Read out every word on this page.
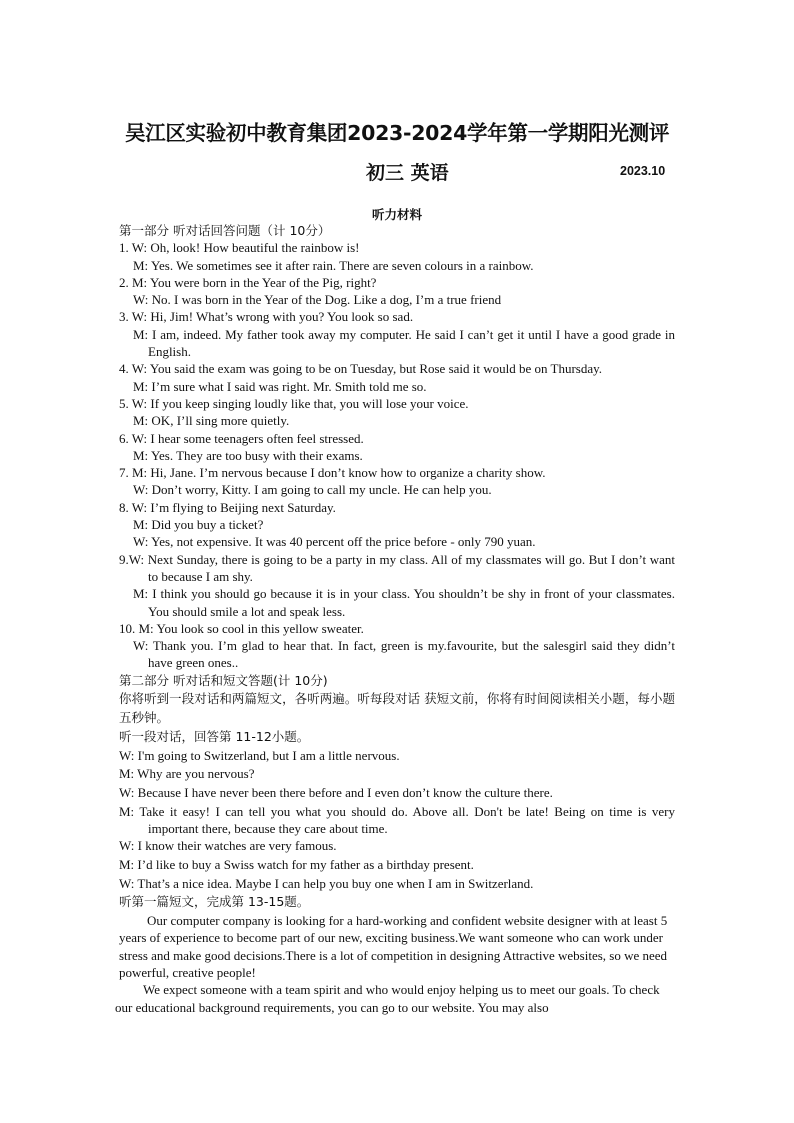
吴江区实验初中教育集团2023-2024学年第一学期阳光测评
初三 英语	2023.10
听力材料
第一部分 听对话回答问题（计 10分）
1. W: Oh, look! How beautiful the rainbow is!
M: Yes. We sometimes see it after rain. There are seven colours in a rainbow.
2. M: You were born in the Year of the Pig, right?
W: No. I was born in the Year of the Dog. Like a dog, I’m a true friend
3. W: Hi, Jim! What’s wrong with you? You look so sad.
M: I am, indeed. My father took away my computer. He said I can’t get it until I have a good grade in English.
4. W: You said the exam was going to be on Tuesday, but Rose said it would be on Thursday.
M: I’m sure what I said was right. Mr. Smith told me so.
5. W: If you keep singing loudly like that, you will lose your voice.
M: OK, I’ll sing more quietly.
6. W: I hear some teenagers often feel stressed.
M: Yes. They are too busy with their exams.
7. M: Hi, Jane. I’m nervous because I don’t know how to organize a charity show.
W: Don’t worry, Kitty. I am going to call my uncle. He can help you.
8. W: I’m flying to Beijing next Saturday.
M: Did you buy a ticket?
W: Yes, not expensive. It was 40 percent off the price before - only 790 yuan.
9.W: Next Sunday, there is going to be a party in my class. All of my classmates will go. But I don’t want to because I am shy.
M: I think you should go because it is in your class. You shouldn’t be shy in front of your classmates. You should smile a lot and speak less.
10. M: You look so cool in this yellow sweater.
W: Thank you. I’m glad to hear that. In fact, green is my.favourite, but the salesgirl said they didn’t have green ones..
第二部分 听对话和短文答题(计 10分)
你将听到一段对话和两篇短文，各听两遍。听每段对话 获短文前，你将有时间阅读相关小题，每小题五秒钟。
听一段对话，回答第 11-12小题。
W: I'm going to Switzerland, but I am a little nervous.
M: Why are you nervous?
W: Because I have never been there before and I even don’t know the culture there.
M: Take it easy! I can tell you what you should do. Above all. Don't be late! Being on time is very important there, because they care about time.
W: I know their watches are very famous.
M: I’d like to buy a Swiss watch for my father as a birthday present.
W: That’s a nice idea. Maybe I can help you buy one when I am in Switzerland.
听第一篇短文，完成第 13-15题。
Our computer company is looking for a hard-working and confident website designer with at least 5 years of experience to become part of our new, exciting business.We want someone who can work under stress and make good decisions.There is a lot of competition in designing Attractive websites, so we need powerful, creative people!
We expect someone with a team spirit and who would enjoy helping us to meet our goals. To check our educational background requirements, you can go to our website. You may also
